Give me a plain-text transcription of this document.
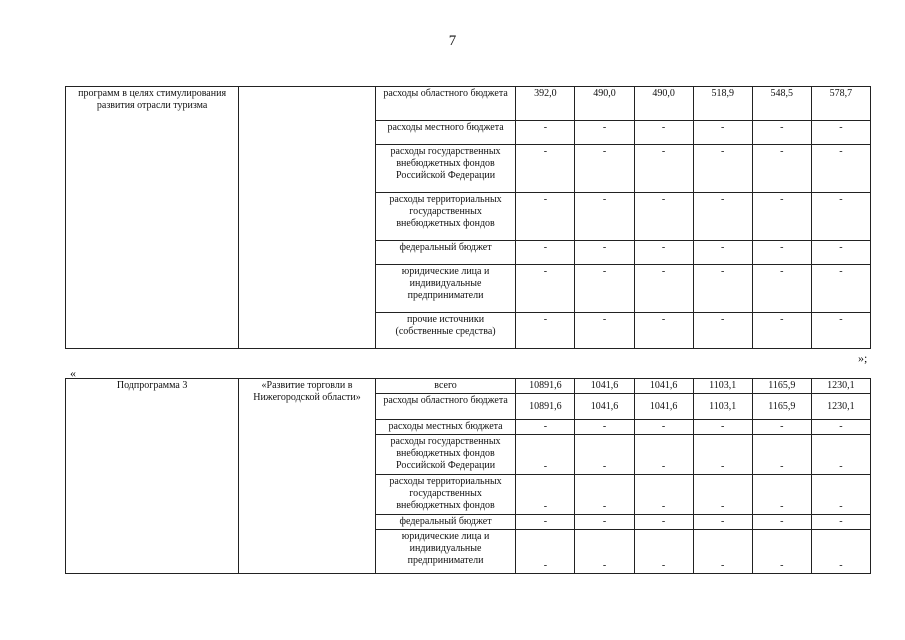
7
программ в целях стимулирования развития отрасли туризма		расходы областного бюджета	392,0	490,0	490,0	518,9	548,5	578,7
		расходы местного бюджета	-	-	-	-	-	-
		расходы государственных внебюджетных фондов Российской Федерации	-	-	-	-	-	-
		расходы территориальных государственных внебюджетных фондов	-	-	-	-	-	-
		федеральный бюджет	-	-	-	-	-	-
		юридические лица и индивидуальные предприниматели	-	-	-	-	-	-
		прочие источники (собственные средства)	-	-	-	-	-	-
»;
«
Подпрограмма 3	«Развитие торговли в Нижегородской области»	всего	10891,6	1041,6	1041,6	1103,1	1165,9	1230,1
		расходы областного бюджета	10891,6	1041,6	1041,6	1103,1	1165,9	1230,1
		расходы местных бюджета	-	-	-	-	-	-
		расходы государственных внебюджетных фондов Российской Федерации	-	-	-	-	-	-
		расходы территориальных государственных внебюджетных фондов	-	-	-	-	-	-
		федеральный бюджет	-	-	-	-	-	-
		юридические лица и индивидуальные предприниматели	-	-	-	-	-	-
